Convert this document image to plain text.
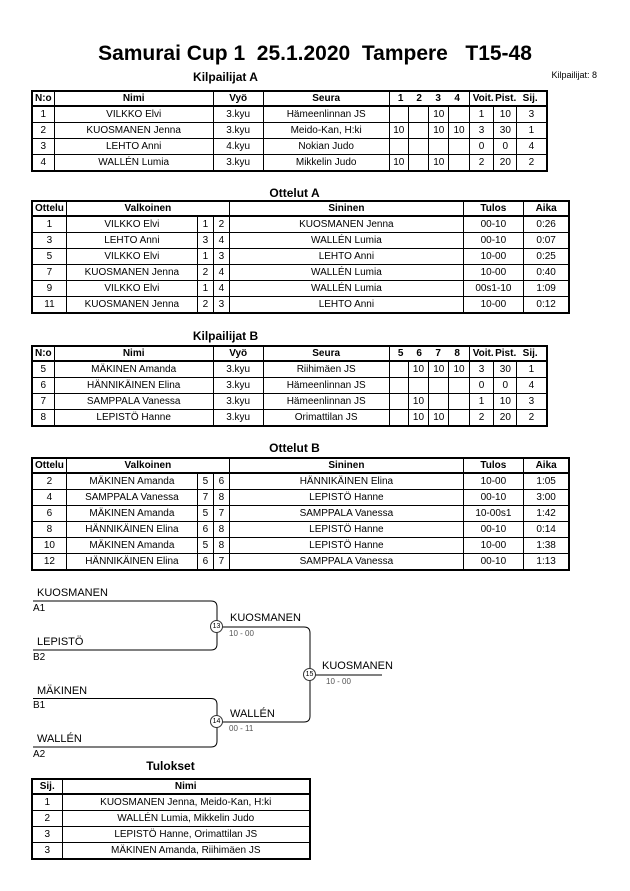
Samurai Cup 1  25.1.2020  Tampere   T15-48
Kilpailijat: 8
Kilpailijat A
N:o	Nimi	Vyö	Seura	1 2 3 4				Voit.Pist. Sij.		
1	VILKKO Elvi	3.kyu	Hämeenlinnan JS			10		1	10	3
2	KUOSMANEN Jenna	3.kyu	Meido-Kan, H:ki	10		10	10	3	30	1
3	LEHTO Anni	4.kyu	Nokian Judo					0	0	4
4	WALLÉN Lumia	3.kyu	Mikkelin Judo	10		10		2	20	2
Ottelut A
Ottelu	Valkoinen			Sininen	Tulos	Aika
1	VILKKO Elvi	1	2	KUOSMANEN Jenna	00-10	0:26
3	LEHTO Anni	3	4	WALLÉN Lumia	00-10	0:07
5	VILKKO Elvi	1	3	LEHTO Anni	10-00	0:25
7	KUOSMANEN Jenna	2	4	WALLÉN Lumia	10-00	0:40
9	VILKKO Elvi	1	4	WALLÉN Lumia	00s1-10	1:09
11	KUOSMANEN Jenna	2	3	LEHTO Anni	10-00	0:12
Kilpailijat B
N:o	Nimi	Vyö	Seura	5 6 7 8				Voit.Pist. Sij.		
5	MÄKINEN Amanda	3.kyu	Riihimäen JS		10	10	10	3	30	1
6	HÄNNIKÄINEN Elina	3.kyu	Hämeenlinnan JS					0	0	4
7	SAMPPALA Vanessa	3.kyu	Hämeenlinnan JS		10			1	10	3
8	LEPISTÖ Hanne	3.kyu	Orimattilan JS		10	10		2	20	2
Ottelut B
Ottelu	Valkoinen			Sininen	Tulos	Aika
2	MÄKINEN Amanda	5	6	HÄNNIKÄINEN Elina	10-00	1:05
4	SAMPPALA Vanessa	7	8	LEPISTÖ Hanne	00-10	3:00
6	MÄKINEN Amanda	5	7	SAMPPALA Vanessa	10-00s1	1:42
8	HÄNNIKÄINEN Elina	6	8	LEPISTÖ Hanne	00-10	0:14
10	MÄKINEN Amanda	5	8	LEPISTÖ Hanne	10-00	1:38
12	HÄNNIKÄINEN Elina	6	7	SAMPPALA Vanessa	00-10	1:13
KUOSMANEN
A1
LEPISTÖ
B2
MÄKINEN
B1
WALLÉN
A2
13
KUOSMANEN
10 - 00
14
WALLÉN
00 - 11
15
KUOSMANEN
10 - 00
Tulokset
Sij.	Nimi
1	KUOSMANEN Jenna, Meido-Kan, H:ki
2	WALLÉN Lumia, Mikkelin Judo
3	LEPISTÖ Hanne, Orimattilan JS
3	MÄKINEN Amanda, Riihimäen JS
